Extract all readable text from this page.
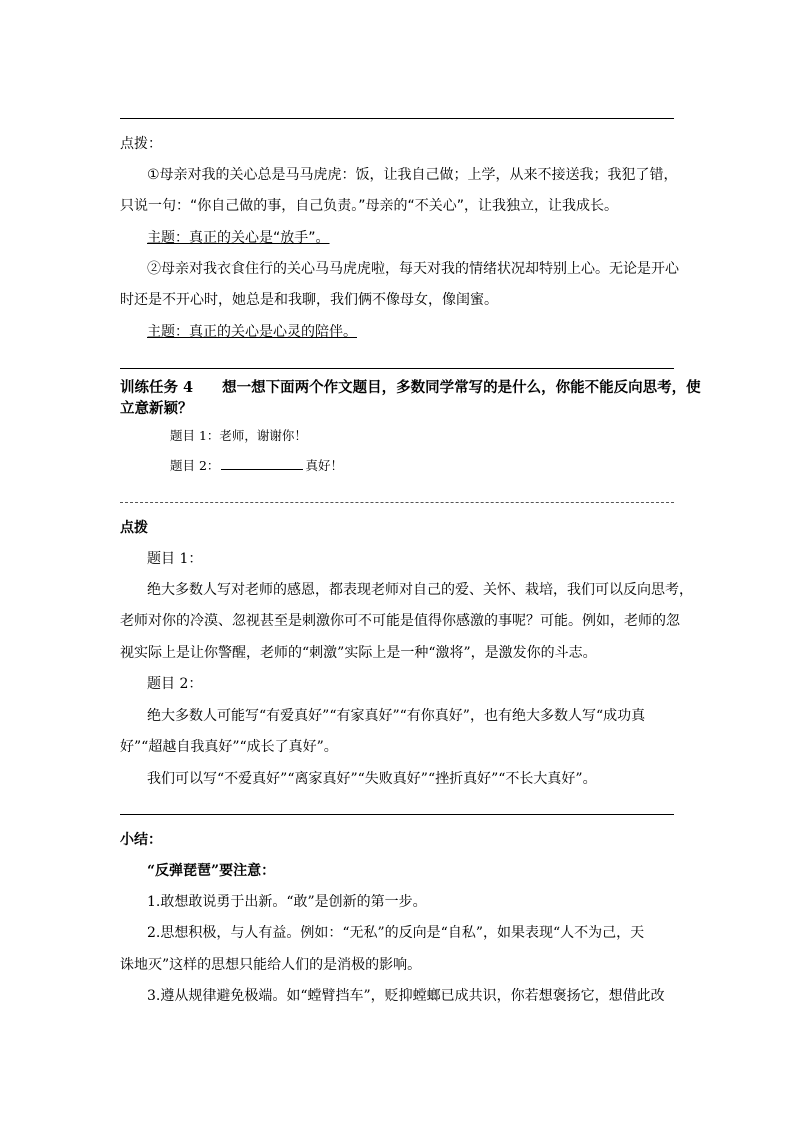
点拨：
①母亲对我的关心总是马马虎虎：饭，让我自己做；上学，从来不接送我；我犯了错，
只说一句：“你自己做的事，自己负责。”母亲的“不关心”，让我独立，让我成长。
主题：真正的关心是“放手”。
②母亲对我衣食住行的关心马马虎虎啦，每天对我的情绪状况却特别上心。无论是开心
时还是不开心时，她总是和我聊，我们俩不像母女，像闺蜜。
主题：真正的关心是心灵的陪伴。
训练任务 4　　想一想下面两个作文题目，多数同学常写的是什么，你能不能反向思考，使
立意新颖？
题目 1：老师，谢谢你！
题目 2：	真好！
点拨
题目 1：
绝大多数人写对老师的感恩，都表现老师对自己的爱、关怀、栽培，我们可以反向思考，
老师对你的冷漠、忽视甚至是刺激你可不可能是值得你感激的事呢？可能。例如，老师的忽
视实际上是让你警醒，老师的“刺激”实际上是一种“激将”，是激发你的斗志。
题目 2：
绝大多数人可能写“有爱真好”“有家真好”“有你真好”，也有绝大多数人写“成功真
好”“超越自我真好”“成长了真好”。
我们可以写“不爱真好”“离家真好”“失败真好”“挫折真好”“不长大真好”。
小结：
“反弹琵琶”要注意：
1.敢想敢说勇于出新。“敢”是创新的第一步。
2.思想积极，与人有益。例如：“无私”的反向是“自私”，如果表现“人不为己，天
诛地灭”这样的思想只能给人们的是消极的影响。
3.遵从规律避免极端。如“螳臂挡车”，贬抑螳螂已成共识，你若想褒扬它，想借此改
